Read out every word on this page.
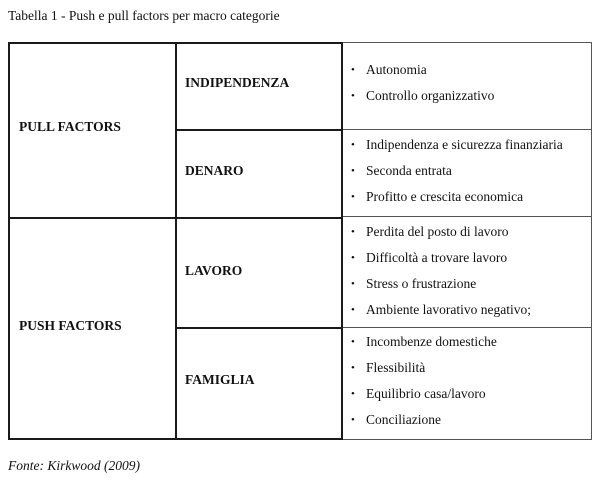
Tabella 1 - Push e pull factors per macro categorie
PULL FACTORS
PUSH FACTORS
INDIPENDENZA
DENARO
LAVORO
FAMIGLIA
• Autonomia
• Controllo organizzativo
• Indipendenza e sicurezza finanziaria
• Seconda entrata
• Profitto e crescita economica
• Perdita del posto di lavoro
• Difficoltà a trovare lavoro
• Stress o frustrazione
• Ambiente lavorativo negativo;
• Incombenze domestiche
• Flessibilità
• Equilibrio casa/lavoro
• Conciliazione
Fonte: Kirkwood (2009)
